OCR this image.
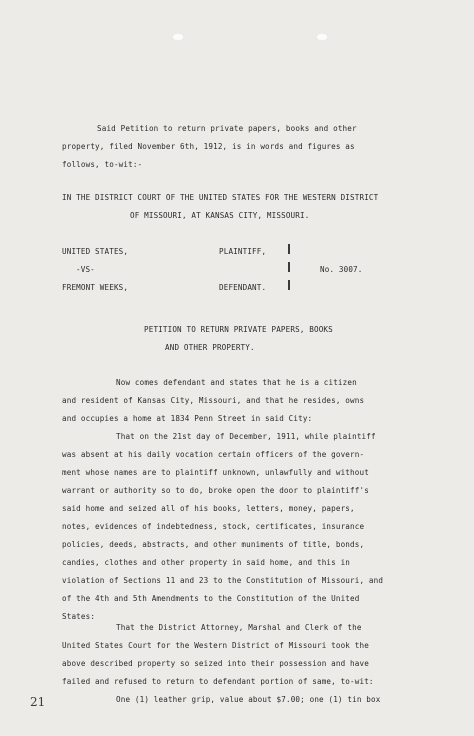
Said Petition to return private papers, books and other
property, filed November 6th, 1912, is in words and figures as
follows, to-wit:-
IN THE DISTRICT COURT OF THE UNITED STATES FOR THE WESTERN DISTRICT
OF MISSOURI, AT KANSAS CITY, MISSOURI.
UNITED STATES,	PLAINTIFF,
-VS-	No. 3007.
FREMONT WEEKS,	DEFENDANT.
PETITION TO RETURN PRIVATE PAPERS, BOOKS
AND OTHER PROPERTY.
Now comes defendant and states that he is a citizen
and resident of Kansas City, Missouri, and that he resides, owns
and occupies a home at 1834 Penn Street in said City:
That on the 21st day of December, 1911, while plaintiff
was absent at his daily vocation certain officers of the govern-
ment whose names are to plaintiff unknown, unlawfully and without
warrant or authority so to do, broke open the door to plaintiff's
said home and seized all of his books, letters, money, papers,
notes, evidences of indebtedness, stock, certificates, insurance
policies, deeds, abstracts, and other muniments of title, bonds,
candies, clothes and other property in said home, and this in
violation of Sections 11 and 23 to the Constitution of Missouri, and
of the 4th and 5th Amendments to the Constitution of the United
States:
That the District Attorney, Marshal and Clerk of the
United States Court for the Western District of Missouri took the
above described property so seized into their possession and have
failed and refused to return to defendant portion of same, to-wit:
One (1) leather grip, value about $7.00; one (1) tin box
21
